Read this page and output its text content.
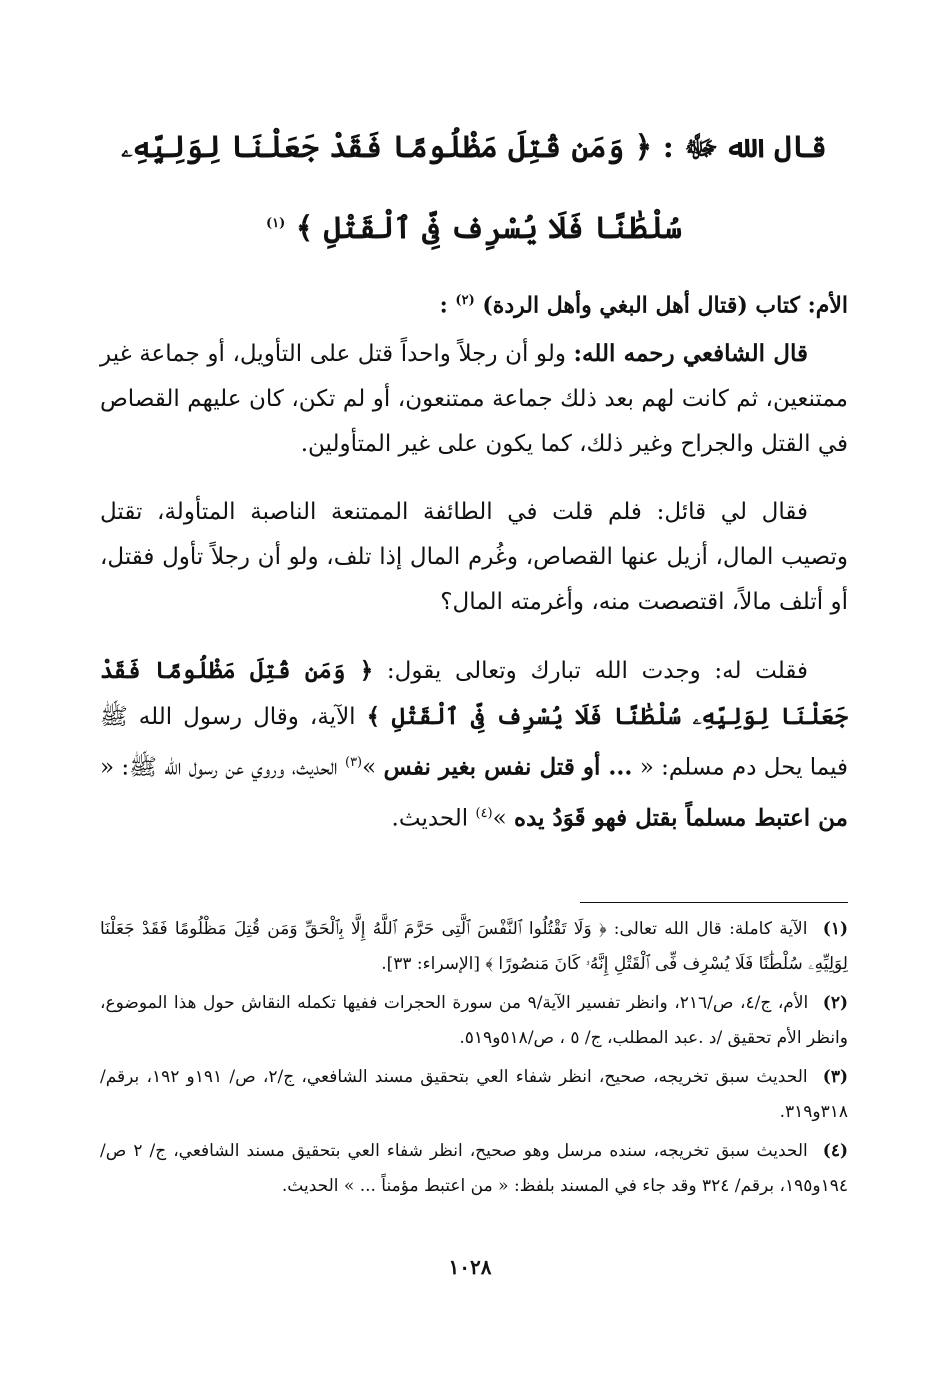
قال الله ﷻ : ﴿ وَمَن قُتِلَ مَظْلُومًا فَقَدْ جَعَلْنَا لِوَلِيِّهِۦ سُلْطَٰنًا فَلَا يُسْرِف فِّى ٱلْقَتْلِ ﴾ $^{(١)}$
الأم: كتاب (قتال أهل البغي وأهل الردة) $^{(٢)}$ :

قال الشافعي رحمه الله: ولو أن رجلاً واحداً قتل على التأويل، أو جماعة غير ممتنعين، ثم كانت لهم بعد ذلك جماعة ممتنعون، أو لم تكن، كان عليهم القصاص في القتل والجراح وغير ذلك، كما يكون على غير المتأولين.

فقال لي قائل: فلم قلت في الطائفة الممتنعة الناصبة المتأولة، تقتل وتصيب المال، أزيل عنها القصاص، وغُرم المال إذا تلف، ولو أن رجلاً تأول فقتل، أو أتلف مالاً، اقتصصت منه، وأغرمته المال؟

فقلت له: وجدت الله تبارك وتعالى يقول: ﴿ وَمَن قُتِلَ مَظْلُومًا فَقَدْ جَعَلْنَا لِوَلِيِّهِۦ سُلْطَٰنًا فَلَا يُسْرِف فِّى ٱلْقَتْلِ ﴾ الآية، وقال رسول الله ﷺ فيما يحل دم مسلم: « ... أو قتل نفس بغير نفس »$^{(٣)}$ الحديث، وروي عن رسول الله ﷺ: « من اعتبط مسلماً بقتل فهو قَوَدُ يده »$^{(٤)}$ الحديث.

(١) الآية كاملة: قال الله تعالى: ﴿ وَلَا تَقْتُلُوا ٱلنَّفْسَ ٱلَّتِى حَرَّمَ ٱللَّهُ إِلَّا بِٱلْحَقِّ وَمَن قُتِلَ مَظْلُومًا فَقَدْ جَعَلْنَا لِوَلِيِّهِۦ سُلْطَٰنًا فَلَا يُسْرِف فِّى ٱلْقَتْلِ إِنَّهُۥ كَانَ مَنصُورًا ﴾ [الإسراء: ٣٣].
(٢) الأم، ج/٤، ص/٢١٦، وانظر تفسير الآية/٩ من سورة الحجرات ففيها تكمله النقاش حول هذا الموضوع، وانظر الأم تحقيق /د .عبد المطلب، ج/ ٥ ، ص/٥١٨و٥١٩.
(٣) الحديث سبق تخريجه، صحيح، انظر شفاء العي بتحقيق مسند الشافعي، ج/٢، ص/ ١٩١و ١٩٢، برقم/ ٣١٨و٣١٩.
(٤) الحديث سبق تخريجه، سنده مرسل وهو صحيح، انظر شفاء العي بتحقيق مسند الشافعي، ج/ ٢ ص/ ١٩٤و١٩٥، برقم/ ٣٢٤ وقد جاء في المسند بلفظ: « من اعتبط مؤمناً ... » الحديث.
١٠٢٨
